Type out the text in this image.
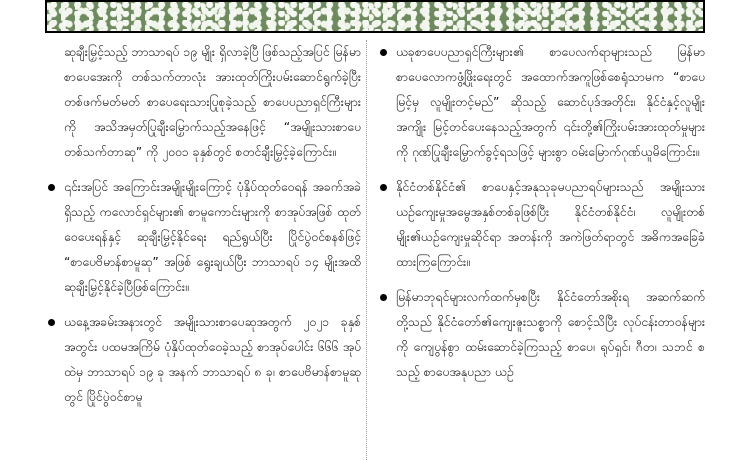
ဆုချီးမြှင့်သည့် ဘာသာရပ် ၁၉ မျိုး ရှိလာခဲ့ပြီ ဖြစ်သည့်အပြင် မြန်မာစာပေအေးကို တစ်သက်တာလုံး အားထုတ်ကြိုးပမ်းဆောင်ရွက်ခဲ့ပြီး တစ်ဖက်မတ်မတ် စာပေရေးသားပြုစုခဲ့သည့် စာပေပညာရှင်ကြီးများကို အသိအမှတ်ပြုချီးမြှောက်သည့်အနေဖြင့် “အမျိုးသားစာပေ တစ်သက်တာဆု” ကို ၂၀၀၁ ခုနှစ်တွင် စတင်ချီးမြှင့်ခဲ့ကြောင်း။

၎င်းအပြင် အကြောင်းအမျိုးမျိုးကြောင့် ပုံနှိပ်ထုတ်ဝေရန် အခက်အခဲရှိသည့် ကလောင်ရှင်များ၏ စာမူကောင်းများကို စာအုပ်အဖြစ် ထုတ်ဝေပေးရန်နှင့် ဆုချီးမြှင့်နိုင်ရေး ရည်ရွယ်ပြီး ပြိုင်ပွဲဝင်စနစ်ဖြင့် “စာပေဗိမာန်စာမူဆု” အဖြစ် ရွေးချယ်ပြီး ဘာသာရပ် ၁၄ မျိုးအထိ ဆုချီးမြှင့်နိုင်ခဲ့ပြီဖြစ်ကြောင်း။
ယနေ့အခမ်းအနားတွင် အမျိုးသားစာပေဆုအတွက် ၂၀၂၁ ခုနှစ်အတွင်း ပထမအကြိမ် ပုံနှိပ်ထုတ်ဝေခဲ့သည့် စာအုပ်ပေါင်း ၆၆၆ အုပ်ထဲမှ ဘာသာရပ် ၁၉ ခု အနက် ဘာသာရပ် ၈ ခု၊ စာပေဗိမာန်စာမူဆုတွင် ပြိုင်ပွဲဝင်စာမူ
ယခုစာပေပညာရှင်ကြီးများ၏ စာပေလက်ရာများသည် မြန်မာစာပေလောကဖွံ့ဖြိုးရေးတွင် အထောက်အကူဖြစ်စေရုံသာမက “စာပေမြင့်မှ လူမျိုးတင့်မည်” ဆိုသည့် ဆောင်ပုဒ်အတိုင်း၊ နိုင်ငံနှင့်လူမျိုးအကျိုး မြင့်တင်ပေးနေသည့်အတွက် ၎င်းတို့၏ကြိုးပမ်းအားထုတ်မှုများကို ဂုဏ်ပြုချီးမြှောက်ခွင့်ရသဖြင့် များစွာ ဝမ်းမြောက်ဂုဏ်ယူမိကြောင်း။
နိုင်ငံတစ်နိုင်ငံ၏ စာပေနှင့်အနုသုခုမပညာရပ်များသည် အမျိုးသားယဉ်ကျေးမှုအမွေအနှစ်တစ်ခုဖြစ်ပြီး နိုင်ငံတစ်နိုင်ငံ၊ လူမျိုးတစ်မျိုး၏ယဉ်ကျေးမှုဆိုင်ရာ အတန်းကို အကဲဖြတ်ရာတွင် အဓိကအခြေခံထားကြကြောင်း။
မြန်မာဘုရင်များလက်ထက်မှစပြီး နိုင်ငံတော်အစိုးရ အဆက်ဆက်တို့သည် နိုင်ငံတော်၏ကျေးဇူးသစ္စာကို စောင့်သိပြီး လုပ်ငန်းတာဝန်များကို ကျေပွန်စွာ ထမ်းဆောင်ခဲ့ကြသည့် စာပေ၊ ရုပ်ရှင်၊ ဂီတ၊ သဘင် စသည့် စာပေအနုပညာ ယဉ်
